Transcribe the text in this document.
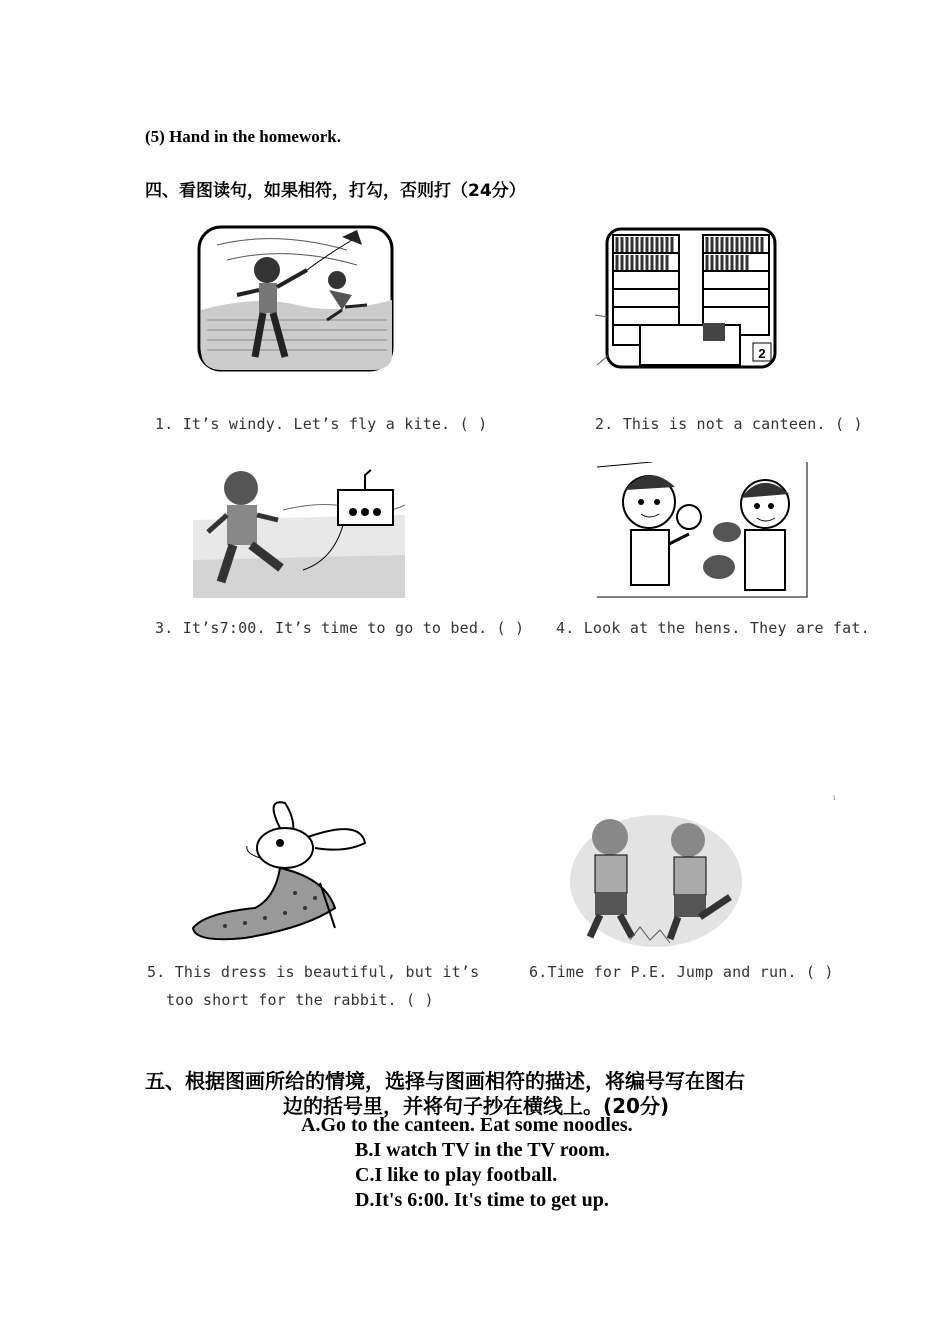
(5) Hand in the homework.
四、看图读句，如果相符，打勾，否则打（24分）
2
1. It’s windy. Let’s fly a kite. ( )	2. This is not a canteen. ( )
3. It’s7:00. It’s time to go to bed. ( ) 4. Look at the hens. They are fat.
ι
5. This dress is beautiful, but it’s
too short for the rabbit. ( )
6.Time for P.E. Jump and run. ( )
五、根据图画所给的情境，选择与图画相符的描述，将编号写在图右
边的括号里，并将句子抄在横线上。(20分)
A.Go to the canteen. Eat some noodles.
B.I watch TV in the TV room.
C.I like to play football.
D.It's 6:00. It's time to get up.
